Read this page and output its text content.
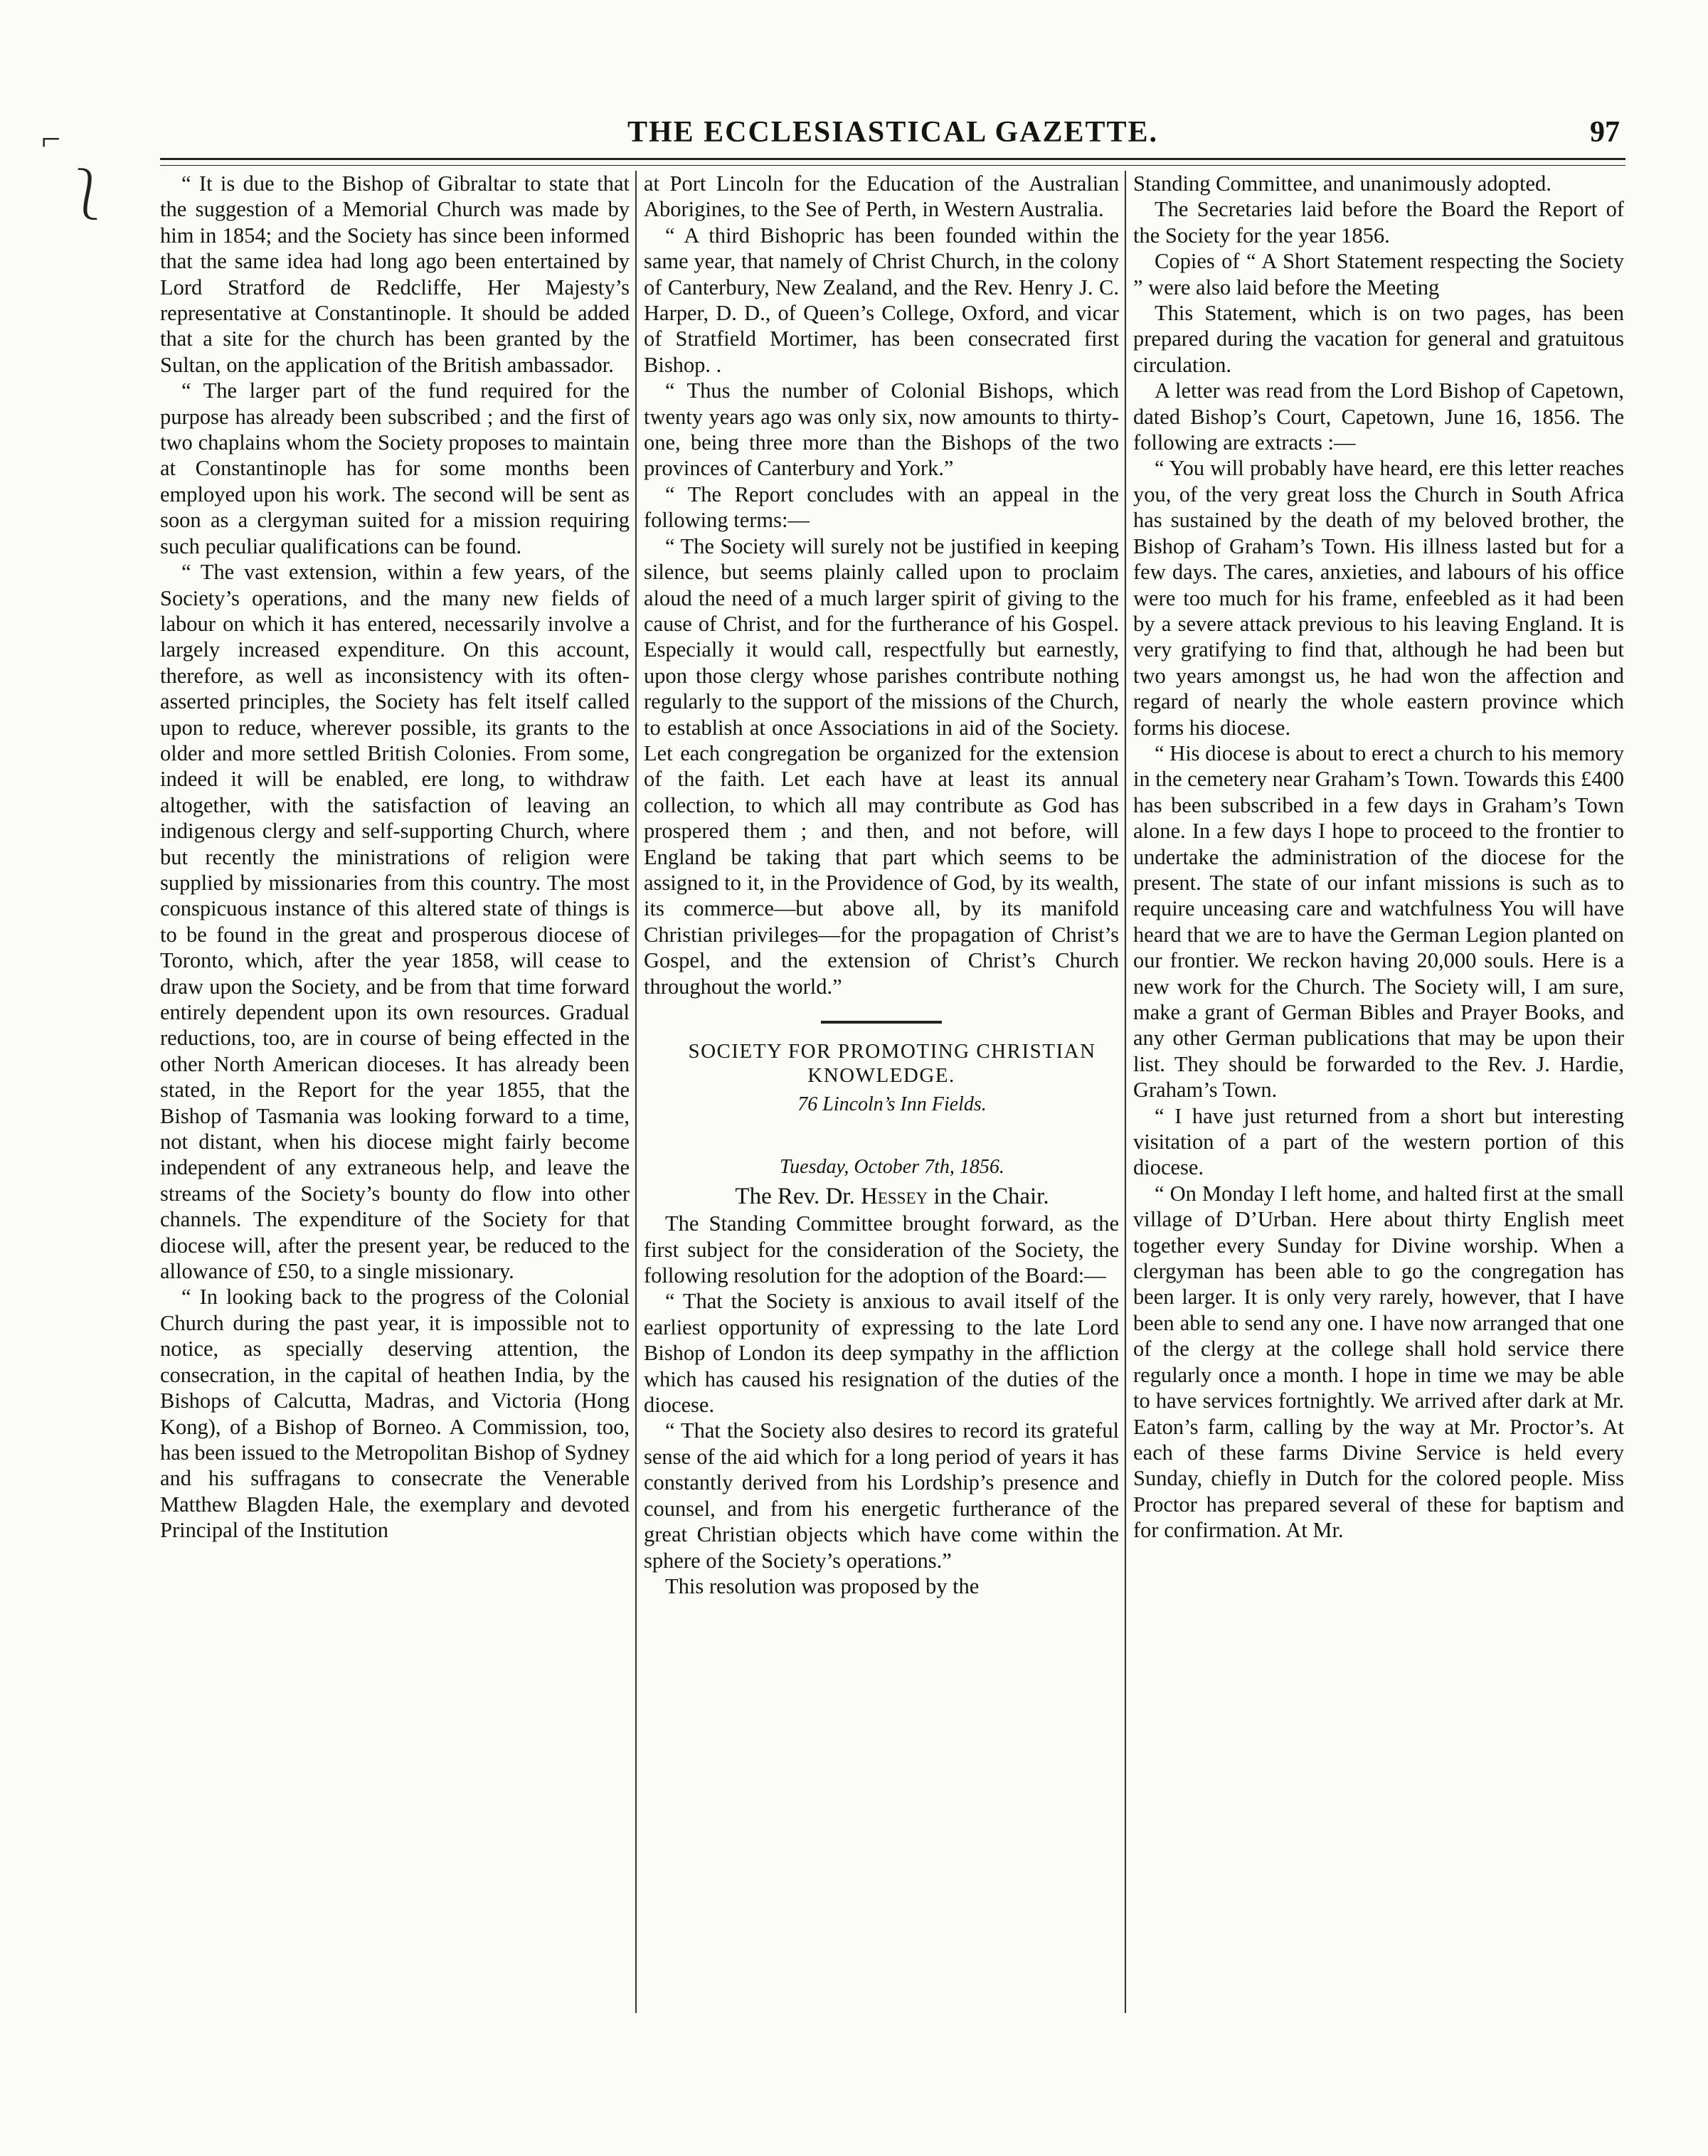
THE ECCLESIASTICAL GAZETTE.	97
⌐
⎱	“ It is due to the Bishop of Gibraltar to state that the suggestion of a Memorial Church was made by him in 1854; and the Society has since been informed that the same idea had long ago been entertained by Lord Stratford de Redcliffe, Her Majesty’s representative at Constantinople. It should be added that a site for the church has been granted by the Sultan, on the application of the British ambassador.

“ The larger part of the fund required for the purpose has already been subscribed ; and the first of two chaplains whom the Society proposes to maintain at Constantinople has for some months been employed upon his work. The second will be sent as soon as a clergyman suited for a mission requiring such peculiar qualifications can be found.

“ The vast extension, within a few years, of the Society’s operations, and the many new fields of labour on which it has entered, necessarily involve a largely increased expenditure. On this account, therefore, as well as inconsistency with its often-asserted principles, the Society has felt itself called upon to reduce, wherever possible, its grants to the older and more settled British Colonies. From some, indeed it will be enabled, ere long, to withdraw altogether, with the satisfaction of leaving an indigenous clergy and self-supporting Church, where but recently the ministrations of religion were supplied by missionaries from this country. The most conspicuous instance of this altered state of things is to be found in the great and prosperous diocese of Toronto, which, after the year 1858, will cease to draw upon the Society, and be from that time forward entirely dependent upon its own resources. Gradual reductions, too, are in course of being effected in the other North American dioceses. It has already been stated, in the Report for the year 1855, that the Bishop of Tasmania was looking forward to a time, not distant, when his diocese might fairly become independent of any extraneous help, and leave the streams of the Society’s bounty do flow into other channels. The expenditure of the Society for that diocese will, after the present year, be reduced to the allowance of £50, to a single missionary.

“ In looking back to the progress of the Colonial Church during the past year, it is impossible not to notice, as specially deserving attention, the consecration, in the capital of heathen India, by the Bishops of Calcutta, Madras, and Victoria (Hong Kong), of a Bishop of Borneo. A Commission, too, has been issued to the Metropolitan Bishop of Sydney and his suffragans to consecrate the Venerable Matthew Blagden Hale, the exemplary and devoted Principal of the Institution

at Port Lincoln for the Education of the Australian Aborigines, to the See of Perth, in Western Australia.

“ A third Bishopric has been founded within the same year, that namely of Christ Church, in the colony of Canterbury, New Zealand, and the Rev. Henry J. C. Harper, D. D., of Queen’s College, Oxford, and vicar of Stratfield Mortimer, has been consecrated first Bishop. .

“ Thus the number of Colonial Bishops, which twenty years ago was only six, now amounts to thirty-one, being three more than the Bishops of the two provinces of Canterbury and York.”

“ The Report concludes with an appeal in the following terms:—

“ The Society will surely not be justified in keeping silence, but seems plainly called upon to proclaim aloud the need of a much larger spirit of giving to the cause of Christ, and for the furtherance of his Gospel. Especially it would call, respectfully but earnestly, upon those clergy whose parishes contribute nothing regularly to the support of the missions of the Church, to establish at once Associations in aid of the Society. Let each congregation be organized for the extension of the faith. Let each have at least its annual collection, to which all may contribute as God has prospered them ; and then, and not before, will England be taking that part which seems to be assigned to it, in the Providence of God, by its wealth, its commerce—but above all, by its manifold Christian privileges—for the propagation of Christ’s Gospel, and the extension of Christ’s Church throughout the world.”

SOCIETY FOR PROMOTING CHRISTIAN KNOWLEDGE.

76 Lincoln’s Inn Fields.

Tuesday, October 7th, 1856.

The Rev. Dr. Hessey in the Chair.

The Standing Committee brought forward, as the first subject for the consideration of the Society, the following resolution for the adoption of the Board:—

“ That the Society is anxious to avail itself of the earliest opportunity of expressing to the late Lord Bishop of London its deep sympathy in the affliction which has caused his resignation of the duties of the diocese.

“ That the Society also desires to record its grateful sense of the aid which for a long period of years it has constantly derived from his Lordship’s presence and counsel, and from his energetic furtherance of the great Christian objects which have come within the sphere of the Society’s operations.”

This resolution was proposed by the

Standing Committee, and unanimously adopted.

The Secretaries laid before the Board the Report of the Society for the year 1856.

Copies of “ A Short Statement respecting the Society ” were also laid before the Meeting

This Statement, which is on two pages, has been prepared during the vacation for general and gratuitous circulation.

A letter was read from the Lord Bishop of Capetown, dated Bishop’s Court, Capetown, June 16, 1856. The following are extracts :—

“ You will probably have heard, ere this letter reaches you, of the very great loss the Church in South Africa has sustained by the death of my beloved brother, the Bishop of Graham’s Town. His illness lasted but for a few days. The cares, anxieties, and labours of his office were too much for his frame, enfeebled as it had been by a severe attack previous to his leaving England. It is very gratifying to find that, although he had been but two years amongst us, he had won the affection and regard of nearly the whole eastern province which forms his diocese.

“ His diocese is about to erect a church to his memory in the cemetery near Graham’s Town. Towards this £400 has been subscribed in a few days in Graham’s Town alone. In a few days I hope to proceed to the frontier to undertake the administration of the diocese for the present. The state of our infant missions is such as to require unceasing care and watchfulness You will have heard that we are to have the German Legion planted on our frontier. We reckon having 20,000 souls. Here is a new work for the Church. The Society will, I am sure, make a grant of German Bibles and Prayer Books, and any other German publications that may be upon their list. They should be forwarded to the Rev. J. Hardie, Graham’s Town.

“ I have just returned from a short but interesting visitation of a part of the western portion of this diocese.

“ On Monday I left home, and halted first at the small village of D’Urban. Here about thirty English meet together every Sunday for Divine worship. When a clergyman has been able to go the congregation has been larger. It is only very rarely, however, that I have been able to send any one. I have now arranged that one of the clergy at the college shall hold service there regularly once a month. I hope in time we may be able to have services fortnightly. We arrived after dark at Mr. Eaton’s farm, calling by the way at Mr. Proctor’s. At each of these farms Divine Service is held every Sunday, chiefly in Dutch for the colored people. Miss Proctor has prepared several of these for baptism and for confirmation. At Mr.
